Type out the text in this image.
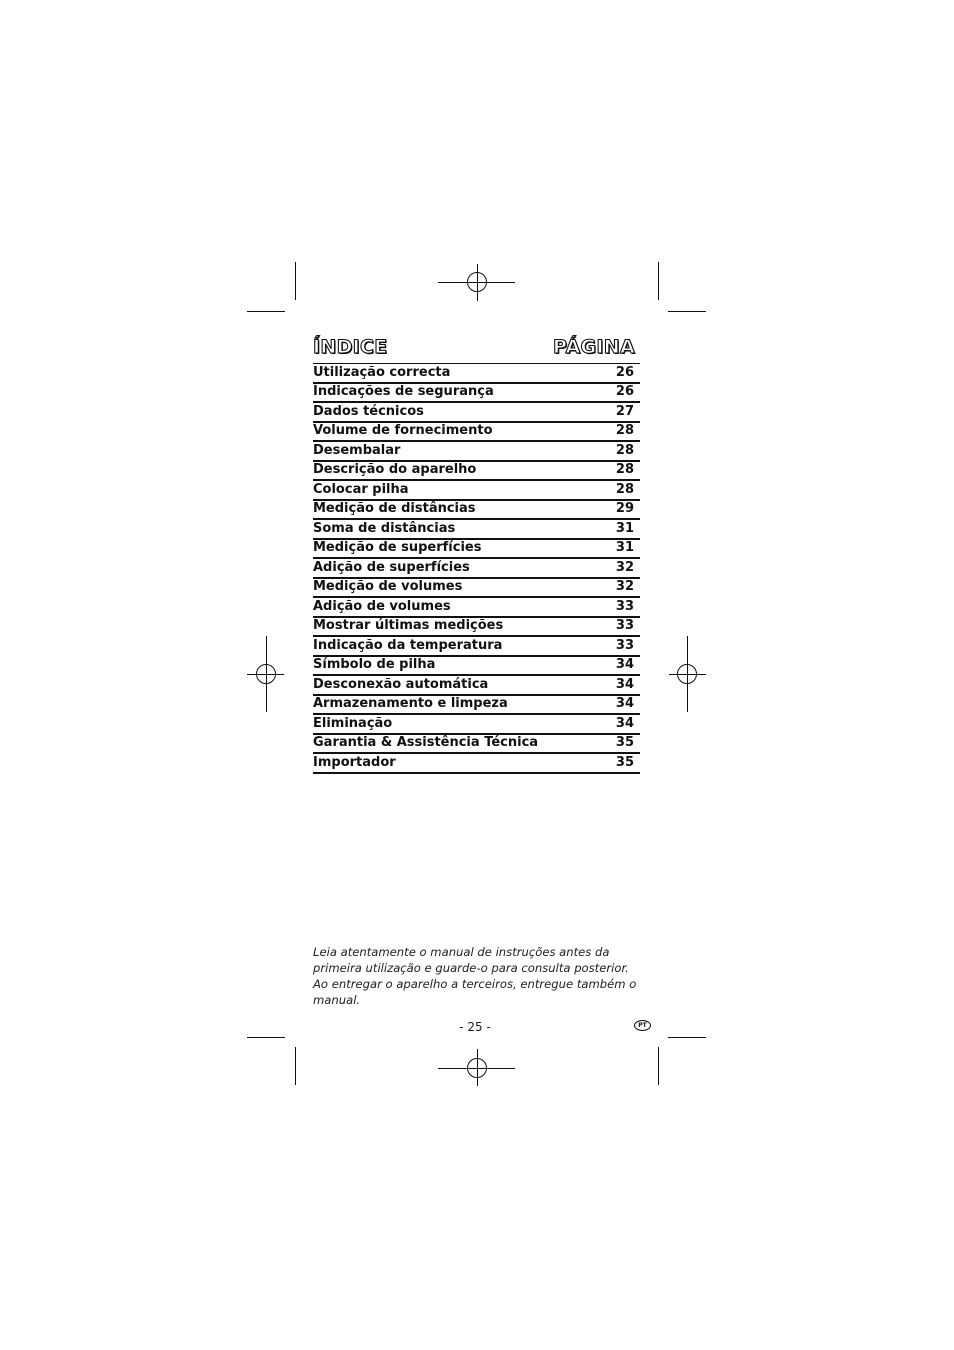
ÍNDICE	PÁGINA
Utilização correcta	26
Indicações de segurança	26
Dados técnicos	27
Volume de fornecimento	28
Desembalar	28
Descrição do aparelho	28
Colocar pilha	28
Medição de distâncias	29
Soma de distâncias	31
Medição de superfícies	31
Adição de superfícies	32
Medição de volumes	32
Adição de volumes	33
Mostrar últimas medições	33
Indicação da temperatura	33
Símbolo de pilha	34
Desconexão automática	34
Armazenamento e limpeza	34
Eliminação	34
Garantia & Assistência Técnica	35
Importador	35
Leia atentamente o manual de instruções antes da primeira utilização e guarde-o para consulta posterior. Ao entregar o aparelho a terceiros, entregue também o manual.
- 25 -	PT
